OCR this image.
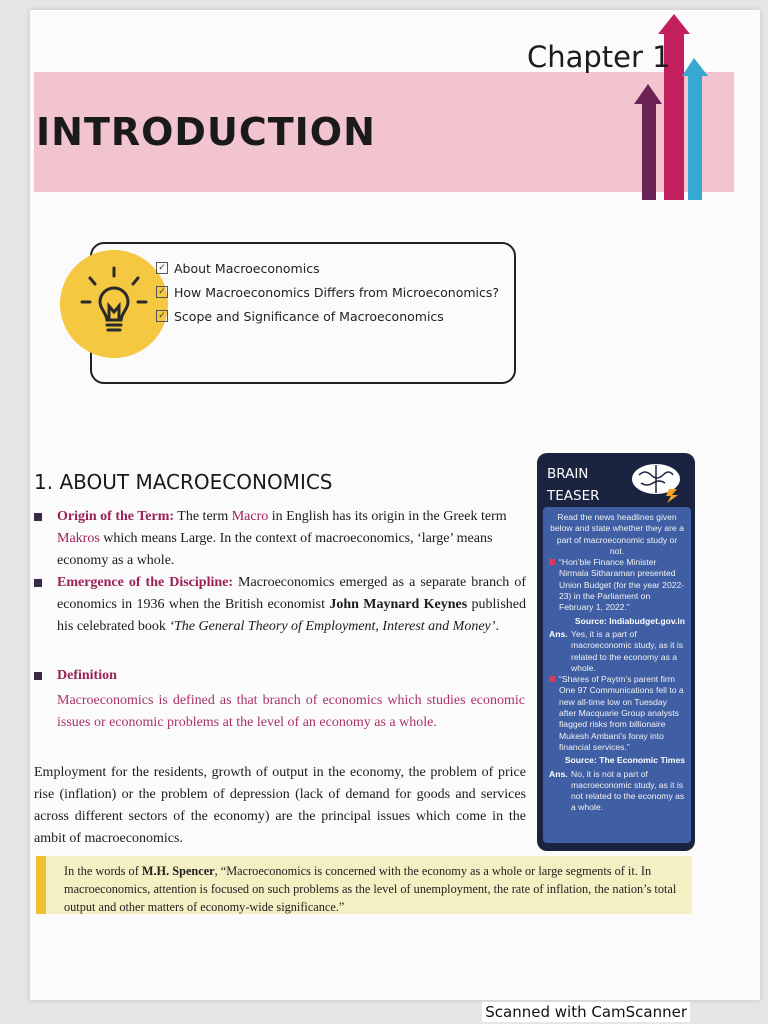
Chapter 1
INTRODUCTION
✓ About Macroeconomics
✓ How Macroeconomics Differs from Microeconomics?
✓ Scope and Significance of Macroeconomics
1. ABOUT MACROECONOMICS
Origin of the Term: The term Macro in English has its origin in the Greek term Makros which means Large. In the context of macroeconomics, ‘large’ means economy as a whole.
Emergence of the Discipline: Macroeconomics emerged as a separate branch of economics in 1936 when the British economist John Maynard Keynes published his celebrated book ‘The General Theory of Employment, Interest and Money’.
Definition
Macroeconomics is defined as that branch of economics which studies economic issues or economic problems at the level of an economy as a whole.
Employment for the residents, growth of output in the economy, the problem of price rise (inflation) or the problem of depression (lack of demand for goods and services across different sectors of the economy) are the principal issues which come in the ambit of macroeconomics.
In the words of M.H. Spencer, “Macroeconomics is concerned with the economy as a whole or large segments of it. In macroeconomics, attention is focused on such problems as the level of unemployment, the rate of inflation, the nation’s total output and other matters of economy-wide significance.”
BRAIN
TEASER

Read the news headlines given below and state whether they are a part of macroeconomic study or not.

“Hon’ble Finance Minister Nirmala Sitharaman presented Union Budget (for the year 2022-23) in the Parliament on February 1, 2022.”

Source: Indiabudget.gov.in

Ans. Yes, it is a part of macroeconomic study, as it is related to the economy as a whole.

“Shares of Paytm’s parent firm One 97 Communications fell to a new all-time low on Tuesday after Macquarie Group analysts flagged risks from billionaire Mukesh Ambani’s foray into financial services.”

Source: The Economic Times

Ans. No, it is not a part of macroeconomic study, as it is not related to the economy as a whole.

Scanned with CamScanner
